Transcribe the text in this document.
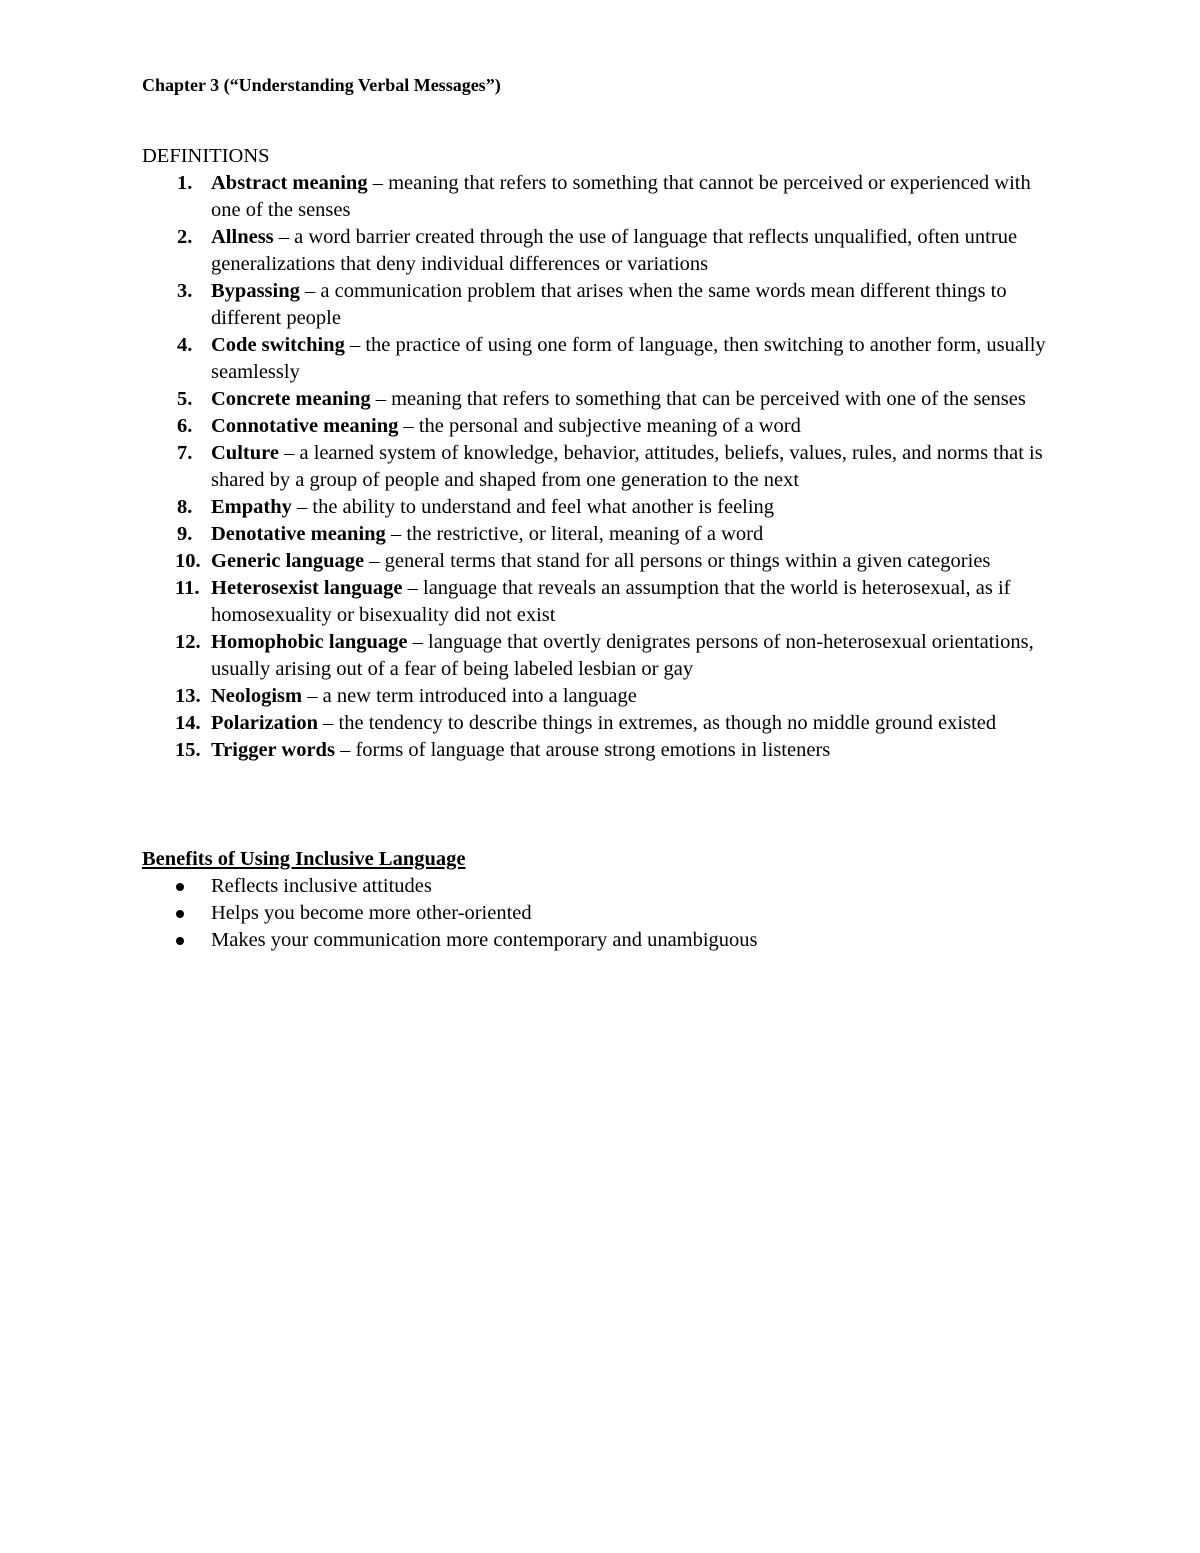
Chapter 3 (“Understanding Verbal Messages”)
DEFINITIONS
1. Abstract meaning – meaning that refers to something that cannot be perceived or experienced with one of the senses
2. Allness – a word barrier created through the use of language that reflects unqualified, often untrue generalizations that deny individual differences or variations
3. Bypassing – a communication problem that arises when the same words mean different things to different people
4. Code switching – the practice of using one form of language, then switching to another form, usually seamlessly
5. Concrete meaning – meaning that refers to something that can be perceived with one of the senses
6. Connotative meaning – the personal and subjective meaning of a word
7. Culture – a learned system of knowledge, behavior, attitudes, beliefs, values, rules, and norms that is shared by a group of people and shaped from one generation to the next
8. Empathy – the ability to understand and feel what another is feeling
9. Denotative meaning – the restrictive, or literal, meaning of a word
10. Generic language – general terms that stand for all persons or things within a given categories
11. Heterosexist language – language that reveals an assumption that the world is heterosexual, as if homosexuality or bisexuality did not exist
12. Homophobic language – language that overtly denigrates persons of non-heterosexual orientations, usually arising out of a fear of being labeled lesbian or gay
13. Neologism – a new term introduced into a language
14. Polarization – the tendency to describe things in extremes, as though no middle ground existed
15. Trigger words – forms of language that arouse strong emotions in listeners
Benefits of Using Inclusive Language
Reflects inclusive attitudes
Helps you become more other-oriented
Makes your communication more contemporary and unambiguous
